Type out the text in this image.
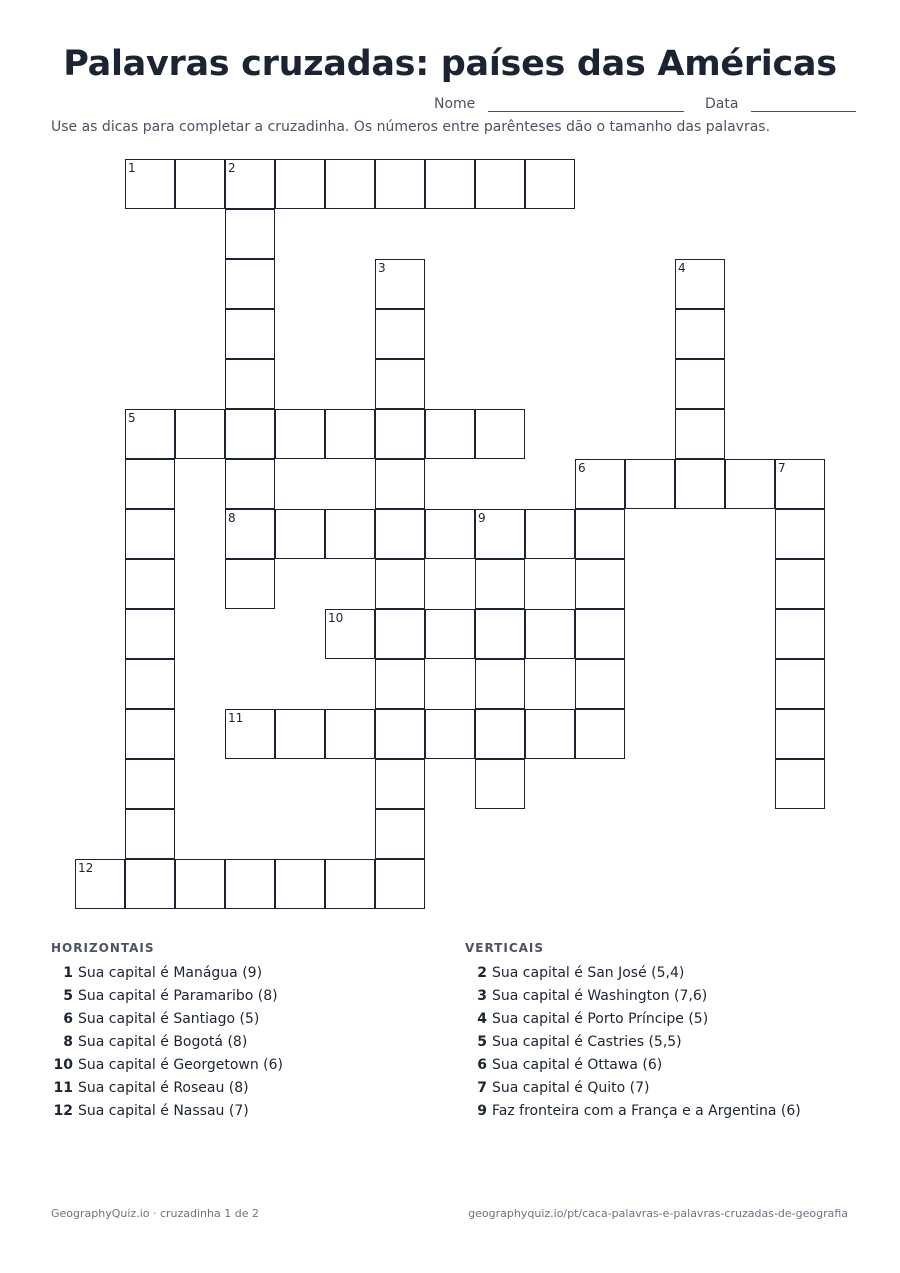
Palavras cruzadas: países das Américas
Nome	Data
Use as dicas para completar a cruzadinha. Os números entre parênteses dão o tamanho das palavras.
1	2
5
6	7
8	9
10
11
12
3	4
HORIZONTAIS
1 Sua capital é Manágua (9)
5 Sua capital é Paramaribo (8)
6 Sua capital é Santiago (5)
8 Sua capital é Bogotá (8)
10 Sua capital é Georgetown (6)
11 Sua capital é Roseau (8)
12 Sua capital é Nassau (7)
VERTICAIS
2 Sua capital é San José (5,4)
3 Sua capital é Washington (7,6)
4 Sua capital é Porto Príncipe (5)
5 Sua capital é Castries (5,5)
6 Sua capital é Ottawa (6)
7 Sua capital é Quito (7)
9 Faz fronteira com a França e a Argentina (6)
GeographyQuiz.io · cruzadinha 1 de 2	geographyquiz.io/pt/caca-palavras-e-palavras-cruzadas-de-geografia
